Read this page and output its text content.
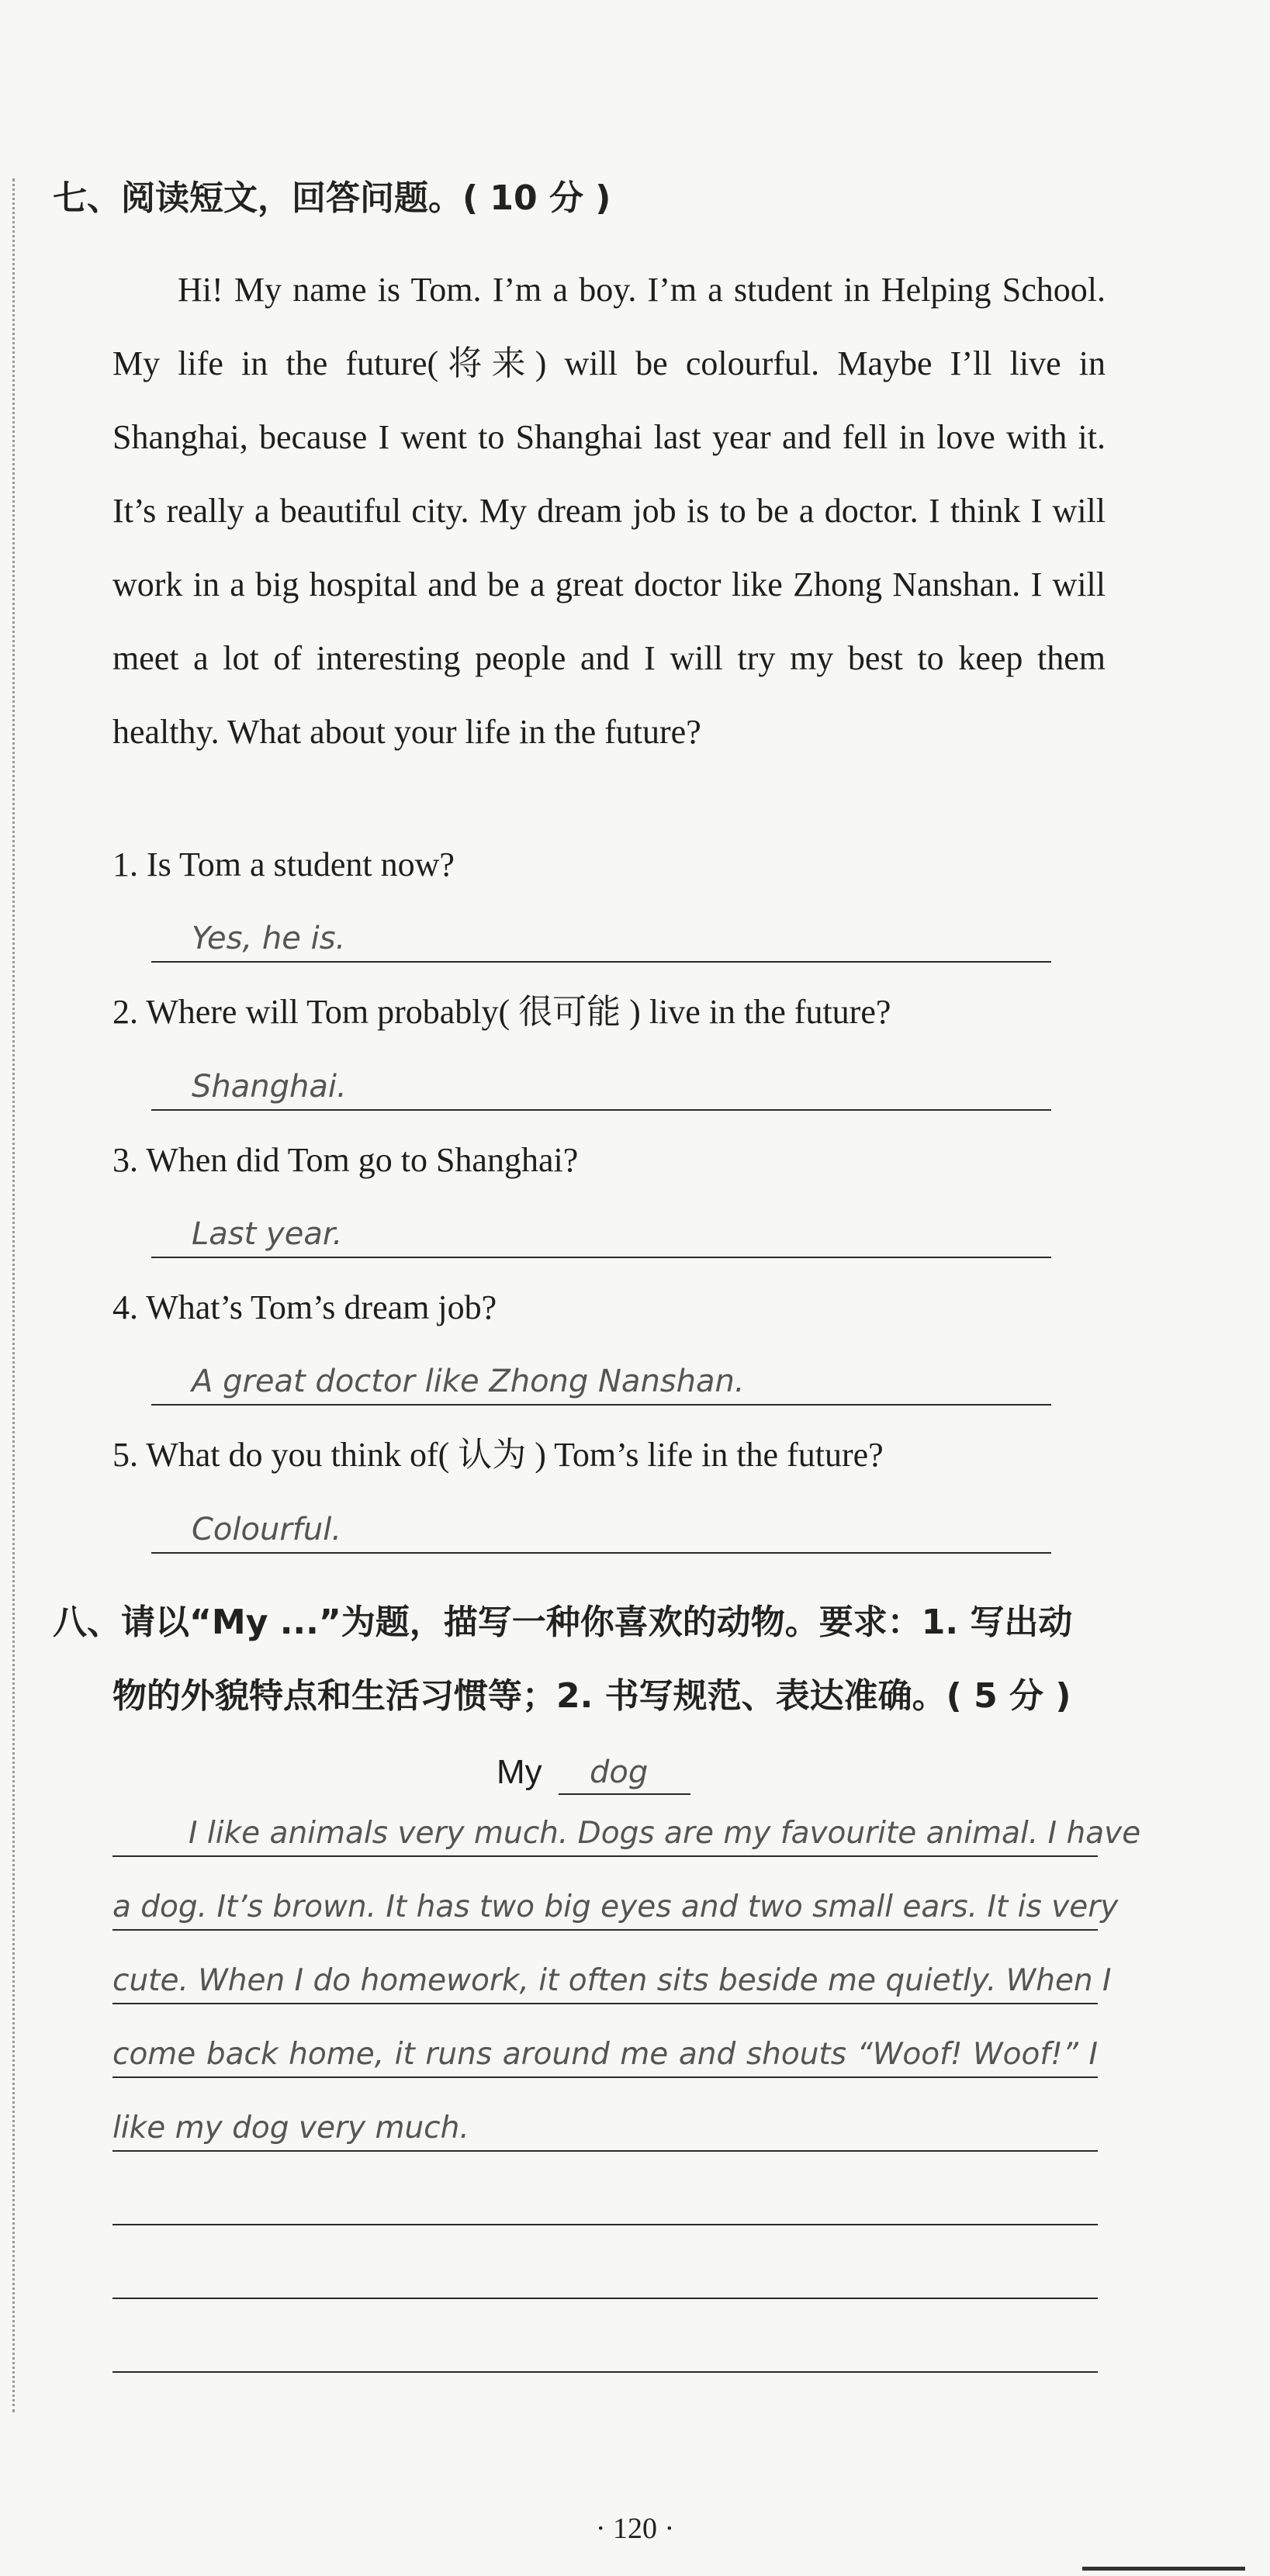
七、阅读短文，回答问题。( 10 分 )
Hi! My name is Tom. I’m a boy. I’m a student in Helping School. My life in the future(将来) will be colourful. Maybe I’ll live in Shanghai, because I went to Shanghai last year and fell in love with it. It’s really a beautiful city. My dream job is to be a doctor. I think I will work in a big hospital and be a great doctor like Zhong Nanshan. I will meet a lot of interesting people and I will try my best to keep them healthy. What about your life in the future?
1. Is Tom a student now?
Yes, he is.
2. Where will Tom probably( 很可能 ) live in the future?
Shanghai.
3. When did Tom go to Shanghai?
Last year.
4. What’s Tom’s dream job?
A great doctor like Zhong Nanshan.
5. What do you think of( 认为 ) Tom’s life in the future?
Colourful.
八、请以“My ...”为题，描写一种你喜欢的动物。要求：1. 写出动
物的外貌特点和生活习惯等；2. 书写规范、表达准确。( 5 分 )
My dog
I like animals very much. Dogs are my favourite animal. I have
a dog. It’s brown. It has two big eyes and two small ears. It is very
cute. When I do homework, it often sits beside me quietly. When I
come back home, it runs around me and shouts “Woof! Woof!” I
like my dog very much.
· 120 ·
